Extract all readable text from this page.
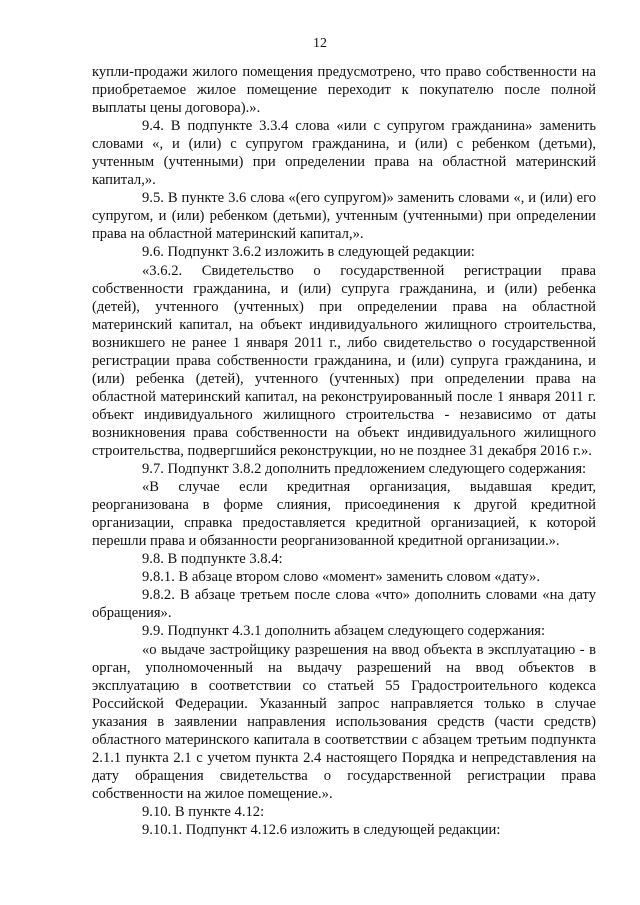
12

купли-продажи жилого помещения предусмотрено, что право собственности на приобретаемое жилое помещение переходит к покупателю после полной выплаты цены договора).».

9.4. В подпункте 3.3.4 слова «или с супругом гражданина» заменить словами «, и (или) с супругом гражданина, и (или) с ребенком (детьми), учтенным (учтенными) при определении права на областной материнский капитал,».

9.5. В пункте 3.6 слова «(его супругом)» заменить словами «, и (или) его супругом, и (или) ребенком (детьми), учтенным (учтенными) при определении права на областной материнский капитал,».

9.6. Подпункт 3.6.2 изложить в следующей редакции:

«3.6.2. Свидетельство о государственной регистрации права собственности гражданина, и (или) супруга гражданина, и (или) ребенка (детей), учтенного (учтенных) при определении права на областной материнский капитал, на объект индивидуального жилищного строительства, возникшего не ранее 1 января 2011 г., либо свидетельство о государственной регистрации права собственности гражданина, и (или) супруга гражданина, и (или) ребенка (детей), учтенного (учтенных) при определении права на областной материнский капитал, на реконструированный после 1 января 2011 г. объект индивидуального жилищного строительства - независимо от даты возникновения права собственности на объект индивидуального жилищного строительства, подвергшийся реконструкции, но не позднее 31 декабря 2016 г.».

9.7. Подпункт 3.8.2 дополнить предложением следующего содержания:

«В случае если кредитная организация, выдавшая кредит, реорганизована в форме слияния, присоединения к другой кредитной организации, справка предоставляется кредитной организацией, к которой перешли права и обязанности реорганизованной кредитной организации.».

9.8. В подпункте 3.8.4:

9.8.1. В абзаце втором слово «момент» заменить словом «дату».

9.8.2. В абзаце третьем после слова «что» дополнить словами «на дату обращения».

9.9. Подпункт 4.3.1 дополнить абзацем следующего содержания:

«о выдаче застройщику разрешения на ввод объекта в эксплуатацию - в орган, уполномоченный на выдачу разрешений на ввод объектов в эксплуатацию в соответствии со статьей 55 Градостроительного кодекса Российской Федерации. Указанный запрос направляется только в случае указания в заявлении направления использования средств (части средств) областного материнского капитала в соответствии с абзацем третьим подпункта 2.1.1 пункта 2.1 с учетом пункта 2.4 настоящего Порядка и непредставления на дату обращения свидетельства о государственной регистрации права собственности на жилое помещение.».

9.10. В пункте 4.12:

9.10.1. Подпункт 4.12.6 изложить в следующей редакции:
